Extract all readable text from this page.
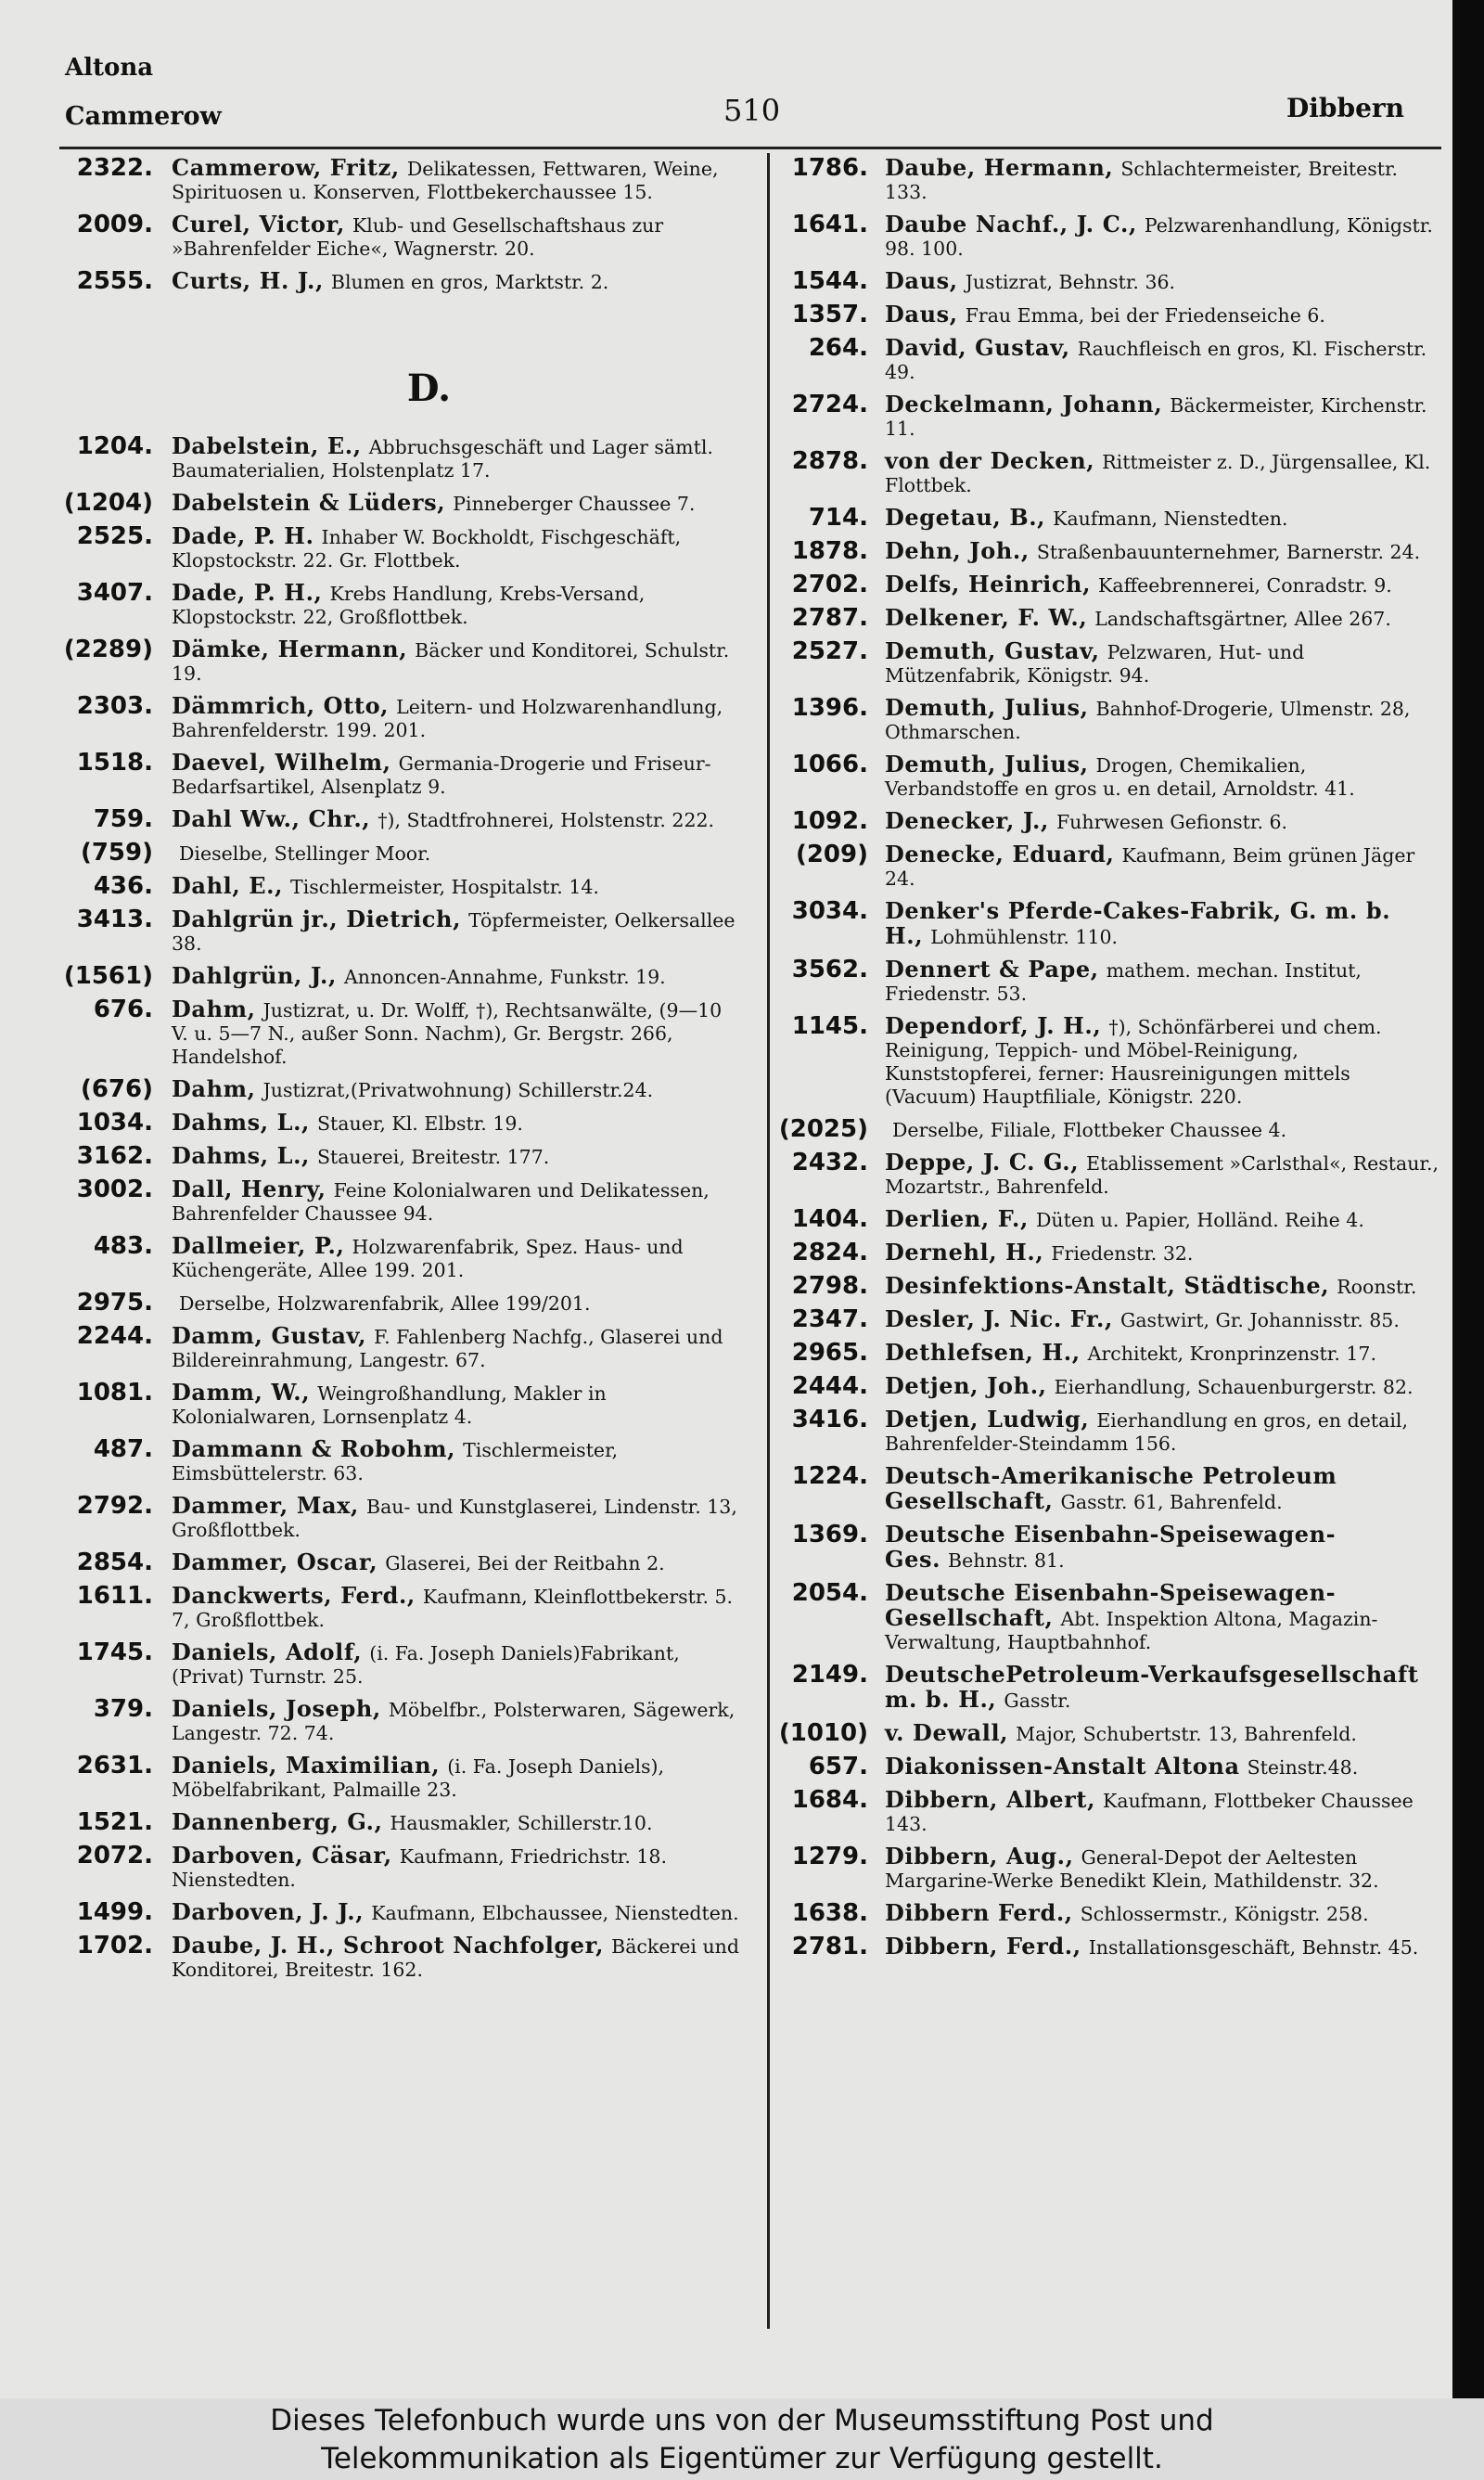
Altona
Cammerow	510	Dibbern
2322. Cammerow, Fritz, Delikatessen, Fettwaren, Weine, Spirituosen u. Konserven, Flottbekerchaussee 15.
2009. Curel, Victor, Klub- und Gesellschaftshaus zur »Bahrenfelder Eiche«, Wagnerstr. 20.
2555. Curts, H. J., Blumen en gros, Marktstr. 2.
D.
1204. Dabelstein, E., Abbruchsgeschäft und Lager sämtl. Baumaterialien, Holstenplatz 17.
(1204) Dabelstein & Lüders, Pinneberger Chaussee 7.
2525. Dade, P. H. Inhaber W. Bockholdt, Fischgeschäft, Klopstockstr. 22. Gr. Flottbek.
3407. Dade, P. H., Krebs Handlung, Krebs-Versand, Klopstockstr. 22, Großflottbek.
(2289) Dämke, Hermann, Bäcker und Konditorei, Schulstr. 19.
2303. Dämmrich, Otto, Leitern- und Holzwarenhandlung, Bahrenfelderstr. 199. 201.
1518. Daevel, Wilhelm, Germania-Drogerie und Friseur-Bedarfsartikel, Alsenplatz 9.
759. Dahl Ww., Chr., †), Stadtfrohnerei, Holstenstr. 222.
(759) Dieselbe, Stellinger Moor.
436. Dahl, E., Tischlermeister, Hospitalstr. 14.
3413. Dahlgrün jr., Dietrich, Töpfermeister, Oelkersallee 38.
(1561) Dahlgrün, J., Annoncen-Annahme, Funkstr. 19.
676. Dahm, Justizrat, u. Dr. Wolff, †), Rechtsanwälte, (9—10 V. u. 5—7 N., außer Sonn. Nachm), Gr. Bergstr. 266, Handelshof.
(676) Dahm, Justizrat,(Privatwohnung) Schillerstr.24.
1034. Dahms, L., Stauer, Kl. Elbstr. 19.
3162. Dahms, L., Stauerei, Breitestr. 177.
3002. Dall, Henry, Feine Kolonialwaren und Delikatessen, Bahrenfelder Chaussee 94.
483. Dallmeier, P., Holzwarenfabrik, Spez. Haus- und Küchengeräte, Allee 199. 201.
2975. Derselbe, Holzwarenfabrik, Allee 199/201.
2244. Damm, Gustav, F. Fahlenberg Nachfg., Glaserei und Bildereinrahmung, Langestr. 67.
1081. Damm, W., Weingroßhandlung, Makler in Kolonialwaren, Lornsenplatz 4.
487. Dammann & Robohm, Tischlermeister, Eimsbüttelerstr. 63.
2792. Dammer, Max, Bau- und Kunstglaserei, Lindenstr. 13, Großflottbek.
2854. Dammer, Oscar, Glaserei, Bei der Reitbahn 2.
1611. Danckwerts, Ferd., Kaufmann, Kleinflottbekerstr. 5. 7, Großflottbek.
1745. Daniels, Adolf, (i. Fa. Joseph Daniels)Fabrikant, (Privat) Turnstr. 25.
379. Daniels, Joseph, Möbelfbr., Polsterwaren, Sägewerk, Langestr. 72. 74.
2631. Daniels, Maximilian, (i. Fa. Joseph Daniels), Möbelfabrikant, Palmaille 23.
1521. Dannenberg, G., Hausmakler, Schillerstr.10.
2072. Darboven, Cäsar, Kaufmann, Friedrichstr. 18. Nienstedten.
1499. Darboven, J. J., Kaufmann, Elbchaussee, Nienstedten.
1702. Daube, J. H., Schroot Nachfolger, Bäckerei und Konditorei, Breitestr. 162.
1786. Daube, Hermann, Schlachtermeister, Breitestr. 133.
1641. Daube Nachf., J. C., Pelzwarenhandlung, Königstr. 98. 100.
1544. Daus, Justizrat, Behnstr. 36.
1357. Daus, Frau Emma, bei der Friedenseiche 6.
264. David, Gustav, Rauchfleisch en gros, Kl. Fischerstr. 49.
2724. Deckelmann, Johann, Bäckermeister, Kirchenstr. 11.
2878. von der Decken, Rittmeister z. D., Jürgensallee, Kl. Flottbek.
714. Degetau, B., Kaufmann, Nienstedten.
1878. Dehn, Joh., Straßenbauunternehmer, Barnerstr. 24.
2702. Delfs, Heinrich, Kaffeebrennerei, Conradstr. 9.
2787. Delkener, F. W., Landschaftsgärtner, Allee 267.
2527. Demuth, Gustav, Pelzwaren, Hut- und Mützenfabrik, Königstr. 94.
1396. Demuth, Julius, Bahnhof-Drogerie, Ulmenstr. 28, Othmarschen.
1066. Demuth, Julius, Drogen, Chemikalien, Verbandstoffe en gros u. en detail, Arnoldstr. 41.
1092. Denecker, J., Fuhrwesen Gefionstr. 6.
(209) Denecke, Eduard, Kaufmann, Beim grünen Jäger 24.
3034. Denker's Pferde-Cakes-Fabrik, G. m. b. H., Lohmühlenstr. 110.
3562. Dennert & Pape, mathem. mechan. Institut, Friedenstr. 53.
1145. Dependorf, J. H., †), Schönfärberei und chem. Reinigung, Teppich- und Möbel-Reinigung, Kunststopferei, ferner: Hausreinigungen mittels (Vacuum) Hauptfiliale, Königstr. 220.
(2025) Derselbe, Filiale, Flottbeker Chaussee 4.
2432. Deppe, J. C. G., Etablissement »Carlsthal«, Restaur., Mozartstr., Bahrenfeld.
1404. Derlien, F., Düten u. Papier, Holländ. Reihe 4.
2824. Dernehl, H., Friedenstr. 32.
2798. Desinfektions-Anstalt, Städtische, Roonstr.
2347. Desler, J. Nic. Fr., Gastwirt, Gr. Johannisstr. 85.
2965. Dethlefsen, H., Architekt, Kronprinzenstr. 17.
2444. Detjen, Joh., Eierhandlung, Schauenburgerstr. 82.
3416. Detjen, Ludwig, Eierhandlung en gros, en detail, Bahrenfelder-Steindamm 156.
1224. Deutsch-Amerikanische Petroleum Gesellschaft, Gasstr. 61, Bahrenfeld.
1369. Deutsche Eisenbahn-Speisewagen-Ges. Behnstr. 81.
2054. Deutsche Eisenbahn-Speisewagen-Gesellschaft, Abt. Inspektion Altona, Magazin-Verwaltung, Hauptbahnhof.
2149. DeutschePetroleum-Verkaufsgesellschaft m. b. H., Gasstr.
(1010) v. Dewall, Major, Schubertstr. 13, Bahrenfeld.
657. Diakonissen-Anstalt Altona Steinstr.48.
1684. Dibbern, Albert, Kaufmann, Flottbeker Chaussee 143.
1279. Dibbern, Aug., General-Depot der Aeltesten Margarine-Werke Benedikt Klein, Mathildenstr. 32.
1638. Dibbern Ferd., Schlossermstr., Königstr. 258.
2781. Dibbern, Ferd., Installationsgeschäft, Behnstr. 45.
Dieses Telefonbuch wurde uns von der Museumsstiftung Post und
Telekommunikation als Eigentümer zur Verfügung gestellt.
